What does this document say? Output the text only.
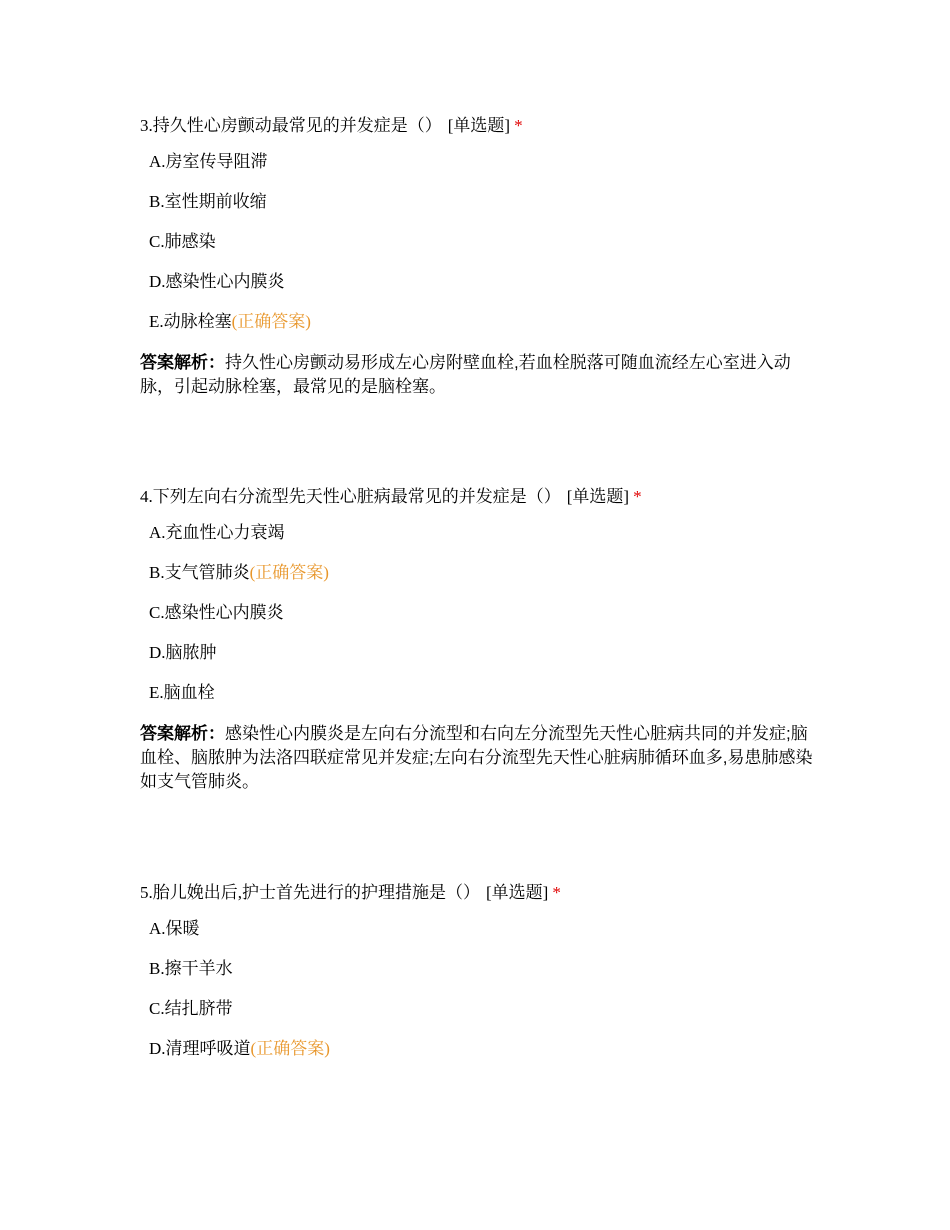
3.持久性心房颤动最常见的并发症是（） [单选题] *
A.房室传导阻滞
B.室性期前收缩
C.肺感染
D.感染性心内膜炎
E.动脉栓塞(正确答案)
答案解析：持久性心房颤动易形成左心房附壁血栓,若血栓脱落可随血流经左心室进入动脉，引起动脉栓塞，最常见的是脑栓塞。
4.下列左向右分流型先天性心脏病最常见的并发症是（） [单选题] *
A.充血性心力衰竭
B.支气管肺炎(正确答案)
C.感染性心内膜炎
D.脑脓肿
E.脑血栓
答案解析：感染性心内膜炎是左向右分流型和右向左分流型先天性心脏病共同的并发症;脑血栓、脑脓肿为法洛四联症常见并发症;左向右分流型先天性心脏病肺循环血多,易患肺感染如支气管肺炎。
5.胎儿娩出后,护士首先进行的护理措施是（） [单选题] *
A.保暖
B.擦干羊水
C.结扎脐带
D.清理呼吸道(正确答案)
